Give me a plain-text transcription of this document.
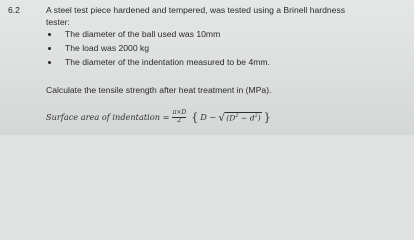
6.2	A steel test piece hardened and tempered, was tested using a Brinell hardness
tester:
The diameter of the ball used was 10mm
The load was 2000 kg
The diameter of the indentation measured to be 4mm.
Calculate the tensile strength after heat treatment in (MPa).
Surface area of indentation = $\frac{\pi\times D}{2}$ { D − √ $(D^2 - d^2)$ }
